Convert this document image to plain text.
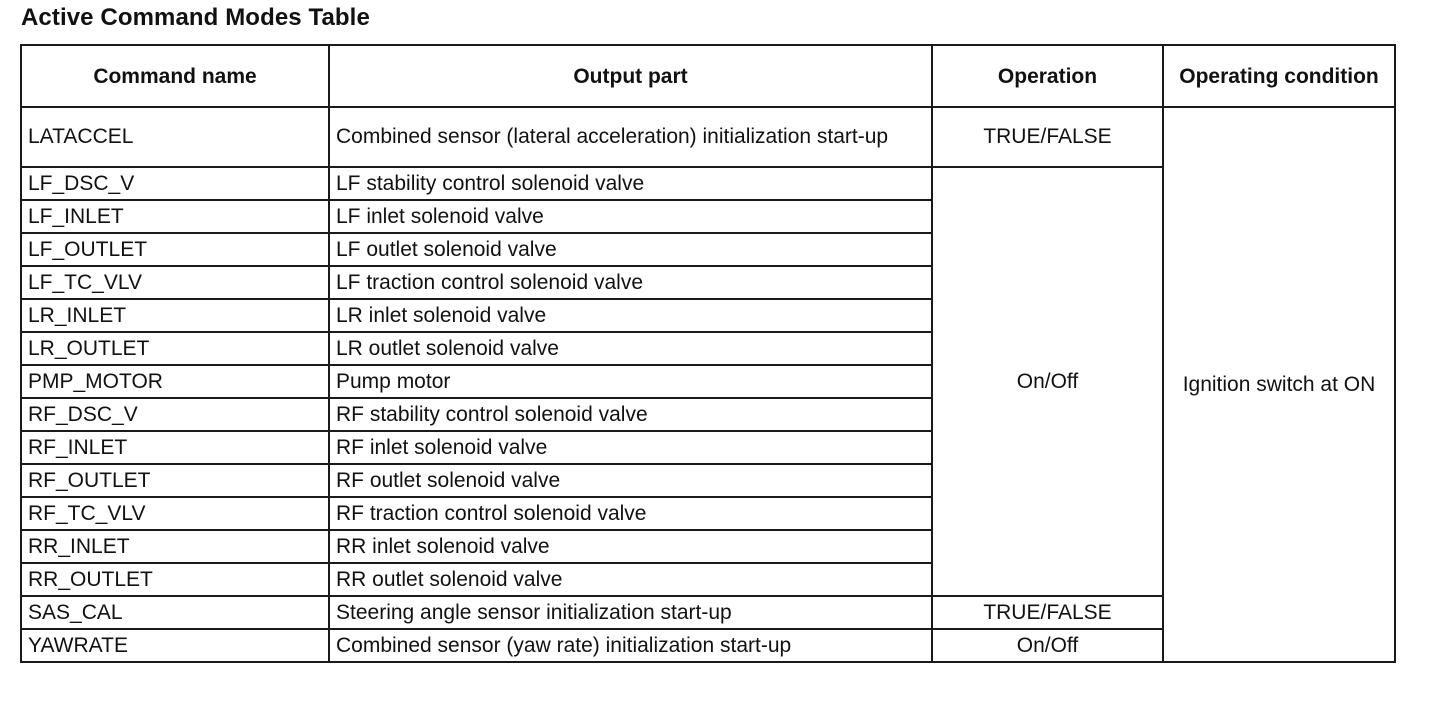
Active Command Modes Table
Command name	Output part	Operation	Operating condition
LATACCEL	Combined sensor (lateral acceleration) initialization start-up	TRUE/FALSE	Ignition switch at ON
LF_DSC_V	LF stability control solenoid valve	On/Off	
LF_INLET	LF inlet solenoid valve		
LF_OUTLET	LF outlet solenoid valve		
LF_TC_VLV	LF traction control solenoid valve		
LR_INLET	LR inlet solenoid valve		
LR_OUTLET	LR outlet solenoid valve		
PMP_MOTOR	Pump motor		
RF_DSC_V	RF stability control solenoid valve		
RF_INLET	RF inlet solenoid valve		
RF_OUTLET	RF outlet solenoid valve		
RF_TC_VLV	RF traction control solenoid valve		
RR_INLET	RR inlet solenoid valve		
RR_OUTLET	RR outlet solenoid valve		
SAS_CAL	Steering angle sensor initialization start-up	TRUE/FALSE	
YAWRATE	Combined sensor (yaw rate) initialization start-up	On/Off	
